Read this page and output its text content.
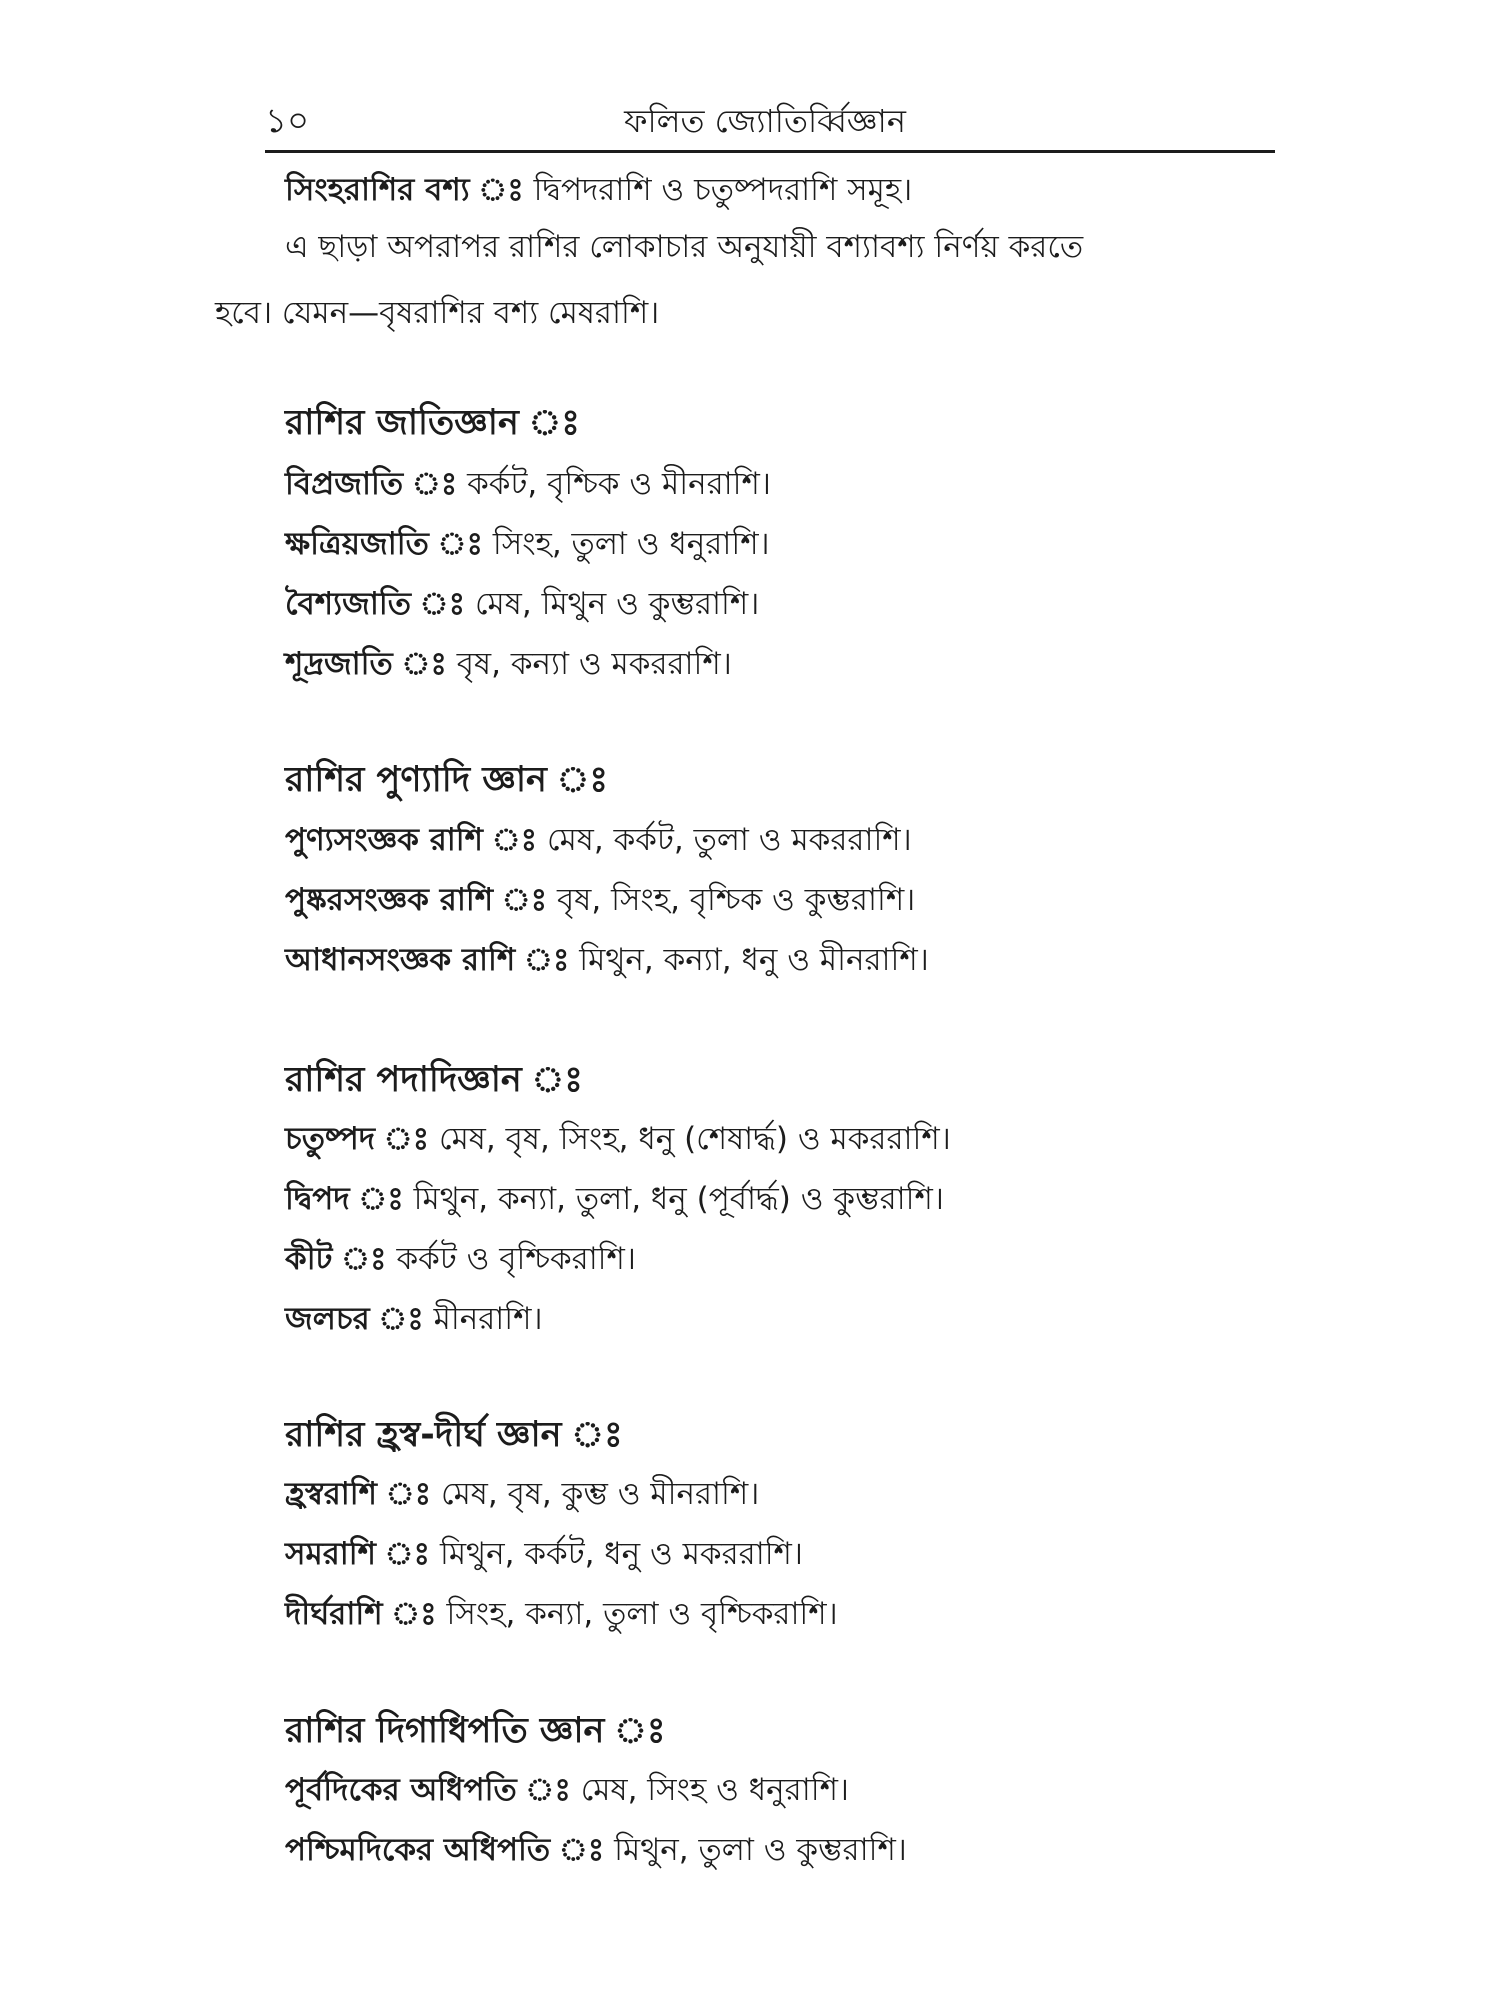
১০	ফলিত জ্যোতির্ব্বিজ্ঞান
সিংহরাশির বশ্য ঃ দ্বিপদরাশি ও চতুষ্পদরাশি সমূহ।
এ ছাড়া অপরাপর রাশির লোকাচার অনুযায়ী বশ্যাবশ্য নির্ণয় করতে
হবে। যেমন—বৃষরাশির বশ্য মেষরাশি।
রাশির জাতিজ্ঞান ঃ
বিপ্রজাতি ঃ কর্কট, বৃশ্চিক ও মীনরাশি।
ক্ষত্রিয়জাতি ঃ সিংহ, তুলা ও ধনুরাশি।
বৈশ্যজাতি ঃ মেষ, মিথুন ও কুম্ভরাশি।
শূদ্রজাতি ঃ বৃষ, কন্যা ও মকররাশি।
রাশির পুণ্যাদি জ্ঞান ঃ
পুণ্যসংজ্ঞক রাশি ঃ মেষ, কর্কট, তুলা ও মকররাশি।
পুষ্করসংজ্ঞক রাশি ঃ বৃষ, সিংহ, বৃশ্চিক ও কুম্ভরাশি।
আধানসংজ্ঞক রাশি ঃ মিথুন, কন্যা, ধনু ও মীনরাশি।
রাশির পদাদিজ্ঞান ঃ
চতুষ্পদ ঃ মেষ, বৃষ, সিংহ, ধনু (শেষার্দ্ধ) ও মকররাশি।
দ্বিপদ ঃ মিথুন, কন্যা, তুলা, ধনু (পূর্বার্দ্ধ) ও কুম্ভরাশি।
কীট ঃ কর্কট ও বৃশ্চিকরাশি।
জলচর ঃ মীনরাশি।
রাশির হ্রস্ব-দীর্ঘ জ্ঞান ঃ
হ্রস্বরাশি ঃ মেষ, বৃষ, কুম্ভ ও মীনরাশি।
সমরাশি ঃ মিথুন, কর্কট, ধনু ও মকররাশি।
দীর্ঘরাশি ঃ সিংহ, কন্যা, তুলা ও বৃশ্চিকরাশি।
রাশির দিগাধিপতি জ্ঞান ঃ
পূর্বদিকের অধিপতি ঃ মেষ, সিংহ ও ধনুরাশি।
পশ্চিমদিকের অধিপতি ঃ মিথুন, তুলা ও কুম্ভরাশি।
